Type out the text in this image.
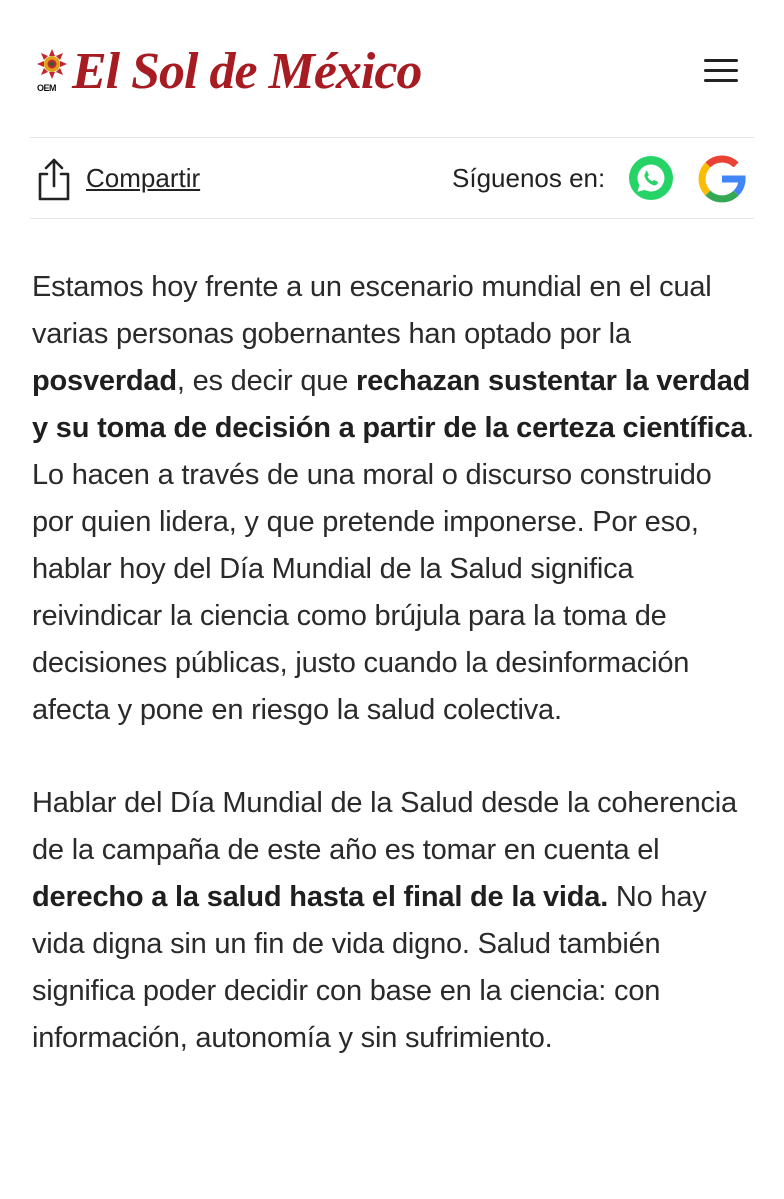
OEM El Sol de México
Compartir	Síguenos en:

Estamos hoy frente a un escenario mundial en el cual varias personas gobernantes han optado por la posverdad, es decir que rechazan sustentar la verdad y su toma de decisión a partir de la certeza científica. Lo hacen a través de una moral o discurso construido por quien lidera, y que pretende imponerse. Por eso, hablar hoy del Día Mundial de la Salud significa reivindicar la ciencia como brújula para la toma de decisiones públicas, justo cuando la desinformación afecta y pone en riesgo la salud colectiva.

Hablar del Día Mundial de la Salud desde la coherencia de la campaña de este año es tomar en cuenta el derecho a la salud hasta el final de la vida. No hay vida digna sin un fin de vida digno. Salud también significa poder decidir con base en la ciencia: con información, autonomía y sin sufrimiento.
